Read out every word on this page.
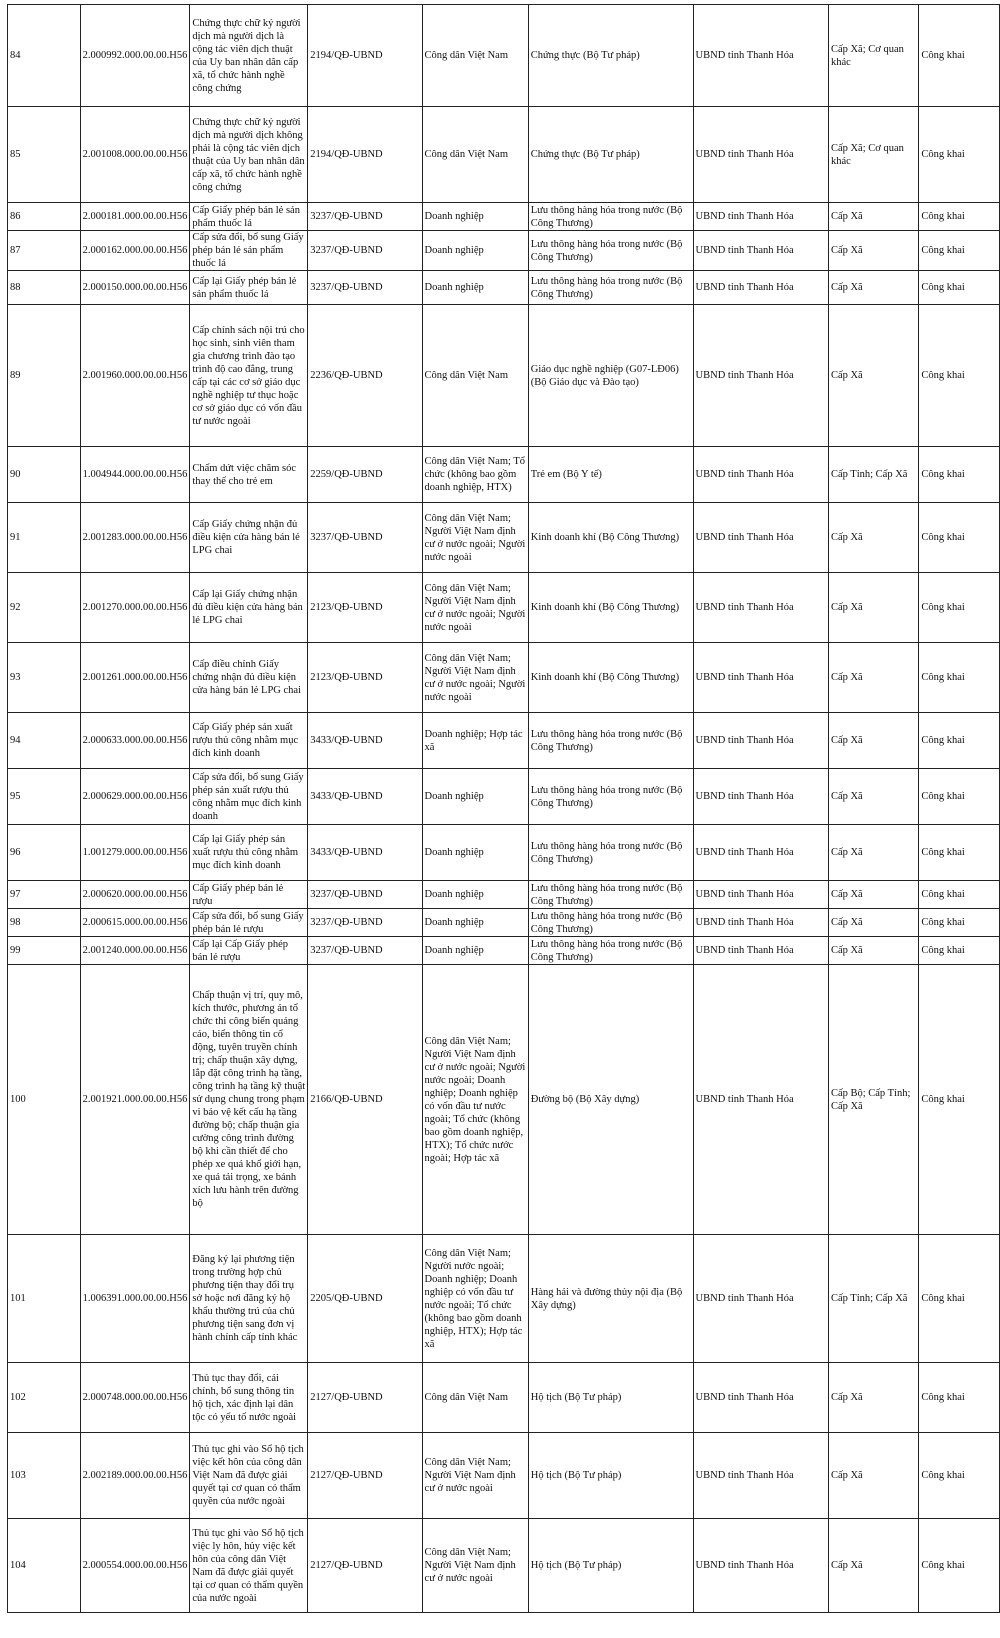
84	2.000992.000.00.00.H56	Chứng thực chữ ký người dịch mà người dịch là cộng tác viên dịch thuật của Uy ban nhân dân cấp xã, tổ chức hành nghề công chứng	2194/QĐ-UBND	Công dân Việt Nam	Chứng thực (Bộ Tư pháp)	UBND tỉnh Thanh Hóa	Cấp Xã; Cơ quan khác	Công khai
85	2.001008.000.00.00.H56	Chứng thực chữ ký người dịch mà người dịch không phải là cộng tác viên dịch thuật của Uy ban nhân dân cấp xã, tổ chức hành nghề công chứng	2194/QĐ-UBND	Công dân Việt Nam	Chứng thực (Bộ Tư pháp)	UBND tỉnh Thanh Hóa	Cấp Xã; Cơ quan khác	Công khai
86	2.000181.000.00.00.H56	Cấp Giấy phép bán lẻ sản phẩm thuốc lá	3237/QĐ-UBND	Doanh nghiệp	Lưu thông hàng hóa trong nước (Bộ Công Thương)	UBND tỉnh Thanh Hóa	Cấp Xã	Công khai
87	2.000162.000.00.00.H56	Cấp sửa đổi, bổ sung Giấy phép bán lẻ sản phẩm thuốc lá	3237/QĐ-UBND	Doanh nghiệp	Lưu thông hàng hóa trong nước (Bộ Công Thương)	UBND tỉnh Thanh Hóa	Cấp Xã	Công khai
88	2.000150.000.00.00.H56	Cấp lại Giấy phép bán lẻ sản phẩm thuốc lá	3237/QĐ-UBND	Doanh nghiệp	Lưu thông hàng hóa trong nước (Bộ Công Thương)	UBND tỉnh Thanh Hóa	Cấp Xã	Công khai
89	2.001960.000.00.00.H56	Cấp chính sách nội trú cho học sinh, sinh viên tham gia chương trình đào tạo trình độ cao đẳng, trung cấp tại các cơ sở giáo dục nghề nghiệp tư thục hoặc cơ sở giáo dục có vốn đầu tư nước ngoài	2236/QĐ-UBND	Công dân Việt Nam	Giáo dục nghề nghiệp (G07-LĐ06) (Bộ Giáo dục và Đào tạo)	UBND tỉnh Thanh Hóa	Cấp Xã	Công khai
90	1.004944.000.00.00.H56	Chấm dứt việc chăm sóc thay thế cho trẻ em	2259/QĐ-UBND	Công dân Việt Nam; Tổ chức (không bao gồm doanh nghiệp, HTX)	Trẻ em (Bộ Y tế)	UBND tỉnh Thanh Hóa	Cấp Tỉnh; Cấp Xã	Công khai
91	2.001283.000.00.00.H56	Cấp Giấy chứng nhận đủ điều kiện cửa hàng bán lẻ LPG chai	3237/QĐ-UBND	Công dân Việt Nam; Người Việt Nam định cư ở nước ngoài; Người nước ngoài	Kinh doanh khí (Bộ Công Thương)	UBND tỉnh Thanh Hóa	Cấp Xã	Công khai
92	2.001270.000.00.00.H56	Cấp lại Giấy chứng nhận đủ điều kiện cửa hàng bán lẻ LPG chai	2123/QĐ-UBND	Công dân Việt Nam; Người Việt Nam định cư ở nước ngoài; Người nước ngoài	Kinh doanh khí (Bộ Công Thương)	UBND tỉnh Thanh Hóa	Cấp Xã	Công khai
93	2.001261.000.00.00.H56	Cấp điều chỉnh Giấy chứng nhận đủ điều kiện cửa hàng bán lẻ LPG chai	2123/QĐ-UBND	Công dân Việt Nam; Người Việt Nam định cư ở nước ngoài; Người nước ngoài	Kinh doanh khí (Bộ Công Thương)	UBND tỉnh Thanh Hóa	Cấp Xã	Công khai
94	2.000633.000.00.00.H56	Cấp Giấy phép sản xuất rượu thủ công nhằm mục đích kinh doanh	3433/QĐ-UBND	Doanh nghiệp; Hợp tác xã	Lưu thông hàng hóa trong nước (Bộ Công Thương)	UBND tỉnh Thanh Hóa	Cấp Xã	Công khai
95	2.000629.000.00.00.H56	Cấp sửa đổi, bổ sung Giấy phép sản xuất rượu thủ công nhằm mục đích kinh doanh	3433/QĐ-UBND	Doanh nghiệp	Lưu thông hàng hóa trong nước (Bộ Công Thương)	UBND tỉnh Thanh Hóa	Cấp Xã	Công khai
96	1.001279.000.00.00.H56	Cấp lại Giấy phép sản xuất rượu thủ công nhằm mục đích kinh doanh	3433/QĐ-UBND	Doanh nghiệp	Lưu thông hàng hóa trong nước (Bộ Công Thương)	UBND tỉnh Thanh Hóa	Cấp Xã	Công khai
97	2.000620.000.00.00.H56	Cấp Giấy phép bán lẻ rượu	3237/QĐ-UBND	Doanh nghiệp	Lưu thông hàng hóa trong nước (Bộ Công Thương)	UBND tỉnh Thanh Hóa	Cấp Xã	Công khai
98	2.000615.000.00.00.H56	Cấp sửa đổi, bổ sung Giấy phép bán lẻ rượu	3237/QĐ-UBND	Doanh nghiệp	Lưu thông hàng hóa trong nước (Bộ Công Thương)	UBND tỉnh Thanh Hóa	Cấp Xã	Công khai
99	2.001240.000.00.00.H56	Cấp lại Cấp Giấy phép bán lẻ rượu	3237/QĐ-UBND	Doanh nghiệp	Lưu thông hàng hóa trong nước (Bộ Công Thương)	UBND tỉnh Thanh Hóa	Cấp Xã	Công khai
100	2.001921.000.00.00.H56	Chấp thuận vị trí, quy mô, kích thước, phương án tổ chức thi công biển quảng cáo, biển thông tin cổ động, tuyên truyền chính trị; chấp thuận xây dựng, lắp đặt công trình hạ tầng, công trình hạ tầng kỹ thuật sử dụng chung trong phạm vi bảo vệ kết cấu hạ tầng đường bộ; chấp thuận gia cường công trình đường bộ khi cần thiết để cho phép xe quá khổ giới hạn, xe quá tải trọng, xe bánh xích lưu hành trên đường bộ	2166/QĐ-UBND	Công dân Việt Nam; Người Việt Nam định cư ở nước ngoài; Người nước ngoài; Doanh nghiệp; Doanh nghiệp có vốn đầu tư nước ngoài; Tổ chức (không bao gồm doanh nghiệp, HTX); Tổ chức nước ngoài; Hợp tác xã	Đường bộ (Bộ Xây dựng)	UBND tỉnh Thanh Hóa	Cấp Bộ; Cấp Tỉnh; Cấp Xã	Công khai
101	1.006391.000.00.00.H56	Đăng ký lại phương tiện trong trường hợp chủ phương tiện thay đổi trụ sở hoặc nơi đăng ký hộ khẩu thường trú của chủ phương tiện sang đơn vị hành chính cấp tỉnh khác	2205/QĐ-UBND	Công dân Việt Nam; Người nước ngoài; Doanh nghiệp; Doanh nghiệp có vốn đầu tư nước ngoài; Tổ chức (không bao gồm doanh nghiệp, HTX); Hợp tác xã	Hàng hải và đường thủy nội địa (Bộ Xây dựng)	UBND tỉnh Thanh Hóa	Cấp Tỉnh; Cấp Xã	Công khai
102	2.000748.000.00.00.H56	Thủ tục thay đổi, cải chính, bổ sung thông tin hộ tịch, xác định lại dân tộc có yếu tố nước ngoài	2127/QĐ-UBND	Công dân Việt Nam	Hộ tịch (Bộ Tư pháp)	UBND tỉnh Thanh Hóa	Cấp Xã	Công khai
103	2.002189.000.00.00.H56	Thủ tục ghi vào Sổ hộ tịch việc kết hôn của công dân Việt Nam đã được giải quyết tại cơ quan có thẩm quyền của nước ngoài	2127/QĐ-UBND	Công dân Việt Nam; Người Việt Nam định cư ở nước ngoài	Hộ tịch (Bộ Tư pháp)	UBND tỉnh Thanh Hóa	Cấp Xã	Công khai
104	2.000554.000.00.00.H56	Thủ tục ghi vào Sổ hộ tịch việc ly hôn, hủy việc kết hôn của công dân Việt Nam đã được giải quyết tại cơ quan có thẩm quyền của nước ngoài	2127/QĐ-UBND	Công dân Việt Nam; Người Việt Nam định cư ở nước ngoài	Hộ tịch (Bộ Tư pháp)	UBND tỉnh Thanh Hóa	Cấp Xã	Công khai
